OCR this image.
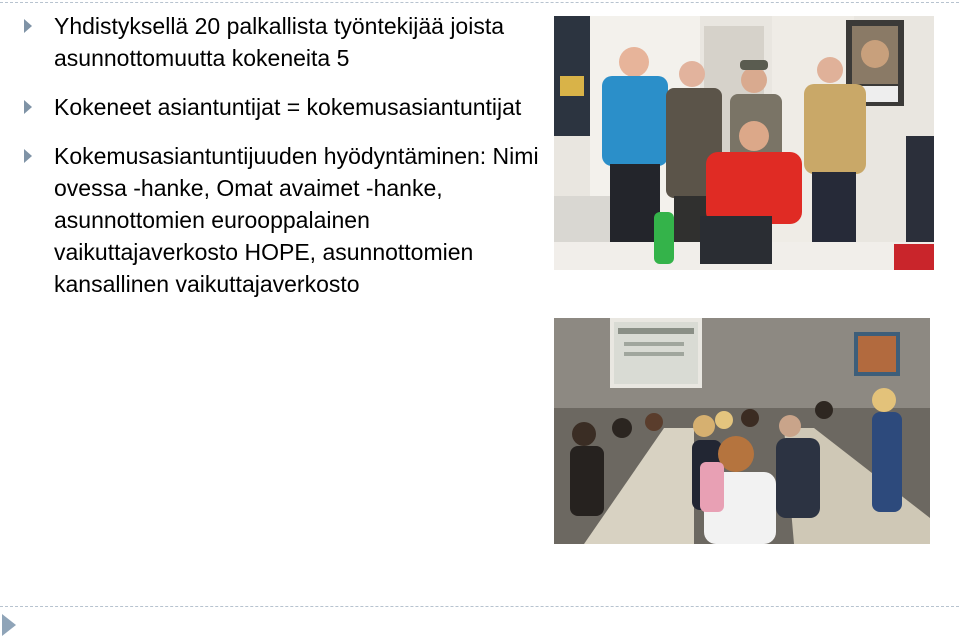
Yhdistyksellä 20 palkallista työntekijää joista asunnottomuutta kokeneita 5
Kokeneet asiantuntijat = kokemusasiantuntijat
Kokemusasiantuntijuuden hyödyntäminen: Nimi ovessa -hanke, Omat avaimet -hanke, asunnottomien eurooppalainen vaikuttajaverkosto HOPE, asunnottomien kansallinen vaikuttajaverkosto
